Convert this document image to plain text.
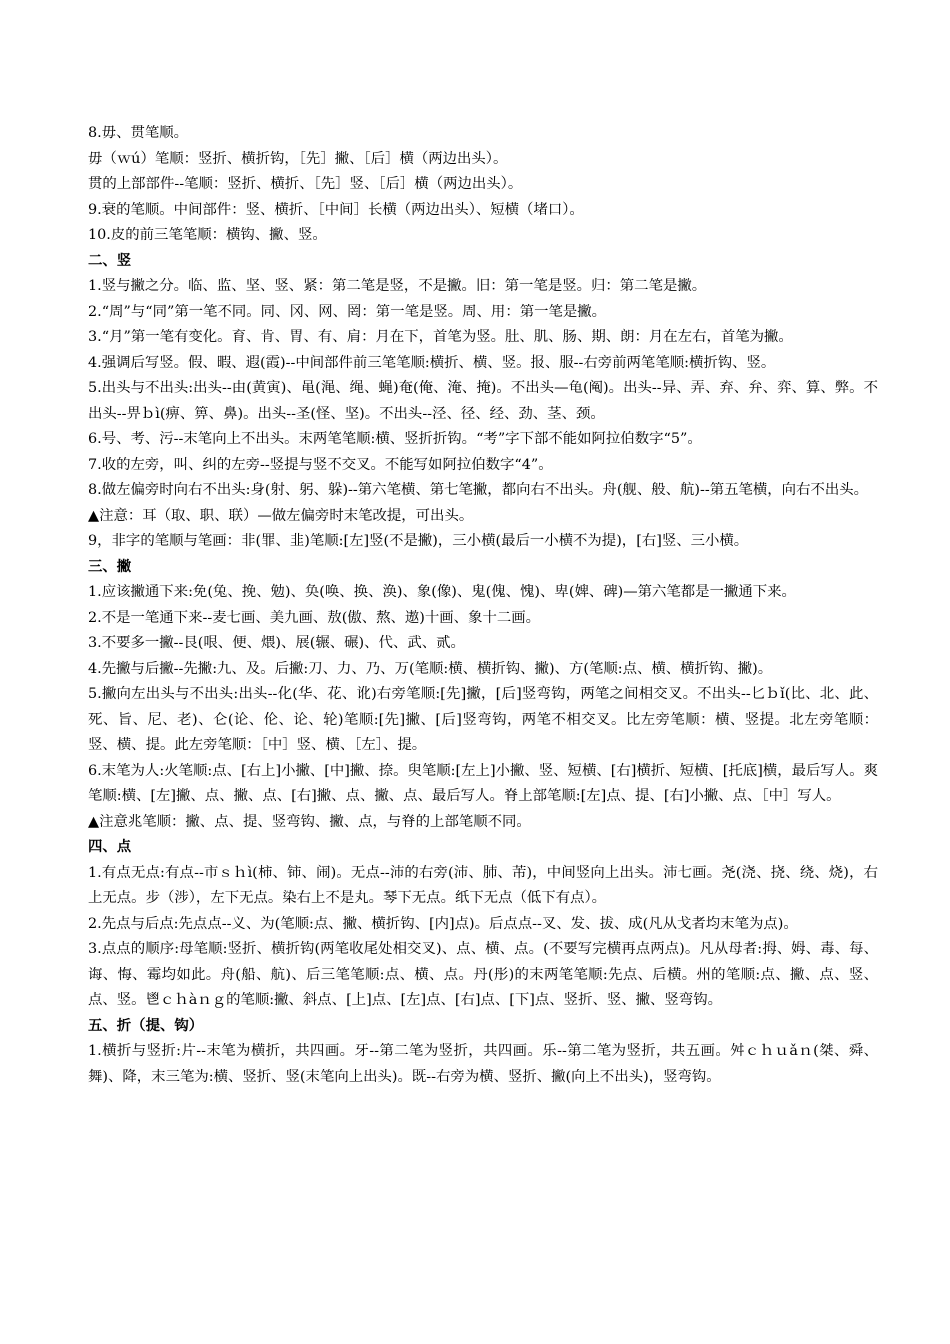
8.毋、贯笔顺。
毋（ｗú）笔顺：竖折、横折钩，［先］撇、［后］横（两边出头）。
贯的上部部件--笔顺：竖折、横折、［先］竖、［后］横（两边出头）。
9.衰的笔顺。中间部件：竖、横折、［中间］长横（两边出头）、短横（堵口）。
10.皮的前三笔笔顺：横钩、撇、竖。
二、竖
1.竖与撇之分。临、监、坚、竖、紧：第二笔是竖，不是撇。旧：第一笔是竖。归：第二笔是撇。
2.“周”与“同”第一笔不同。同、冈、网、罔：第一笔是竖。周、用：第一笔是撇。
3.“月”第一笔有变化。育、肯、胃、有、肩：月在下，首笔为竖。肚、肌、肠、期、朗：月在左右，首笔为撇。
4.强调后写竖。假、暇、遐(霞)--中间部件前三笔笔顺:横折、横、竖。报、服--右旁前两笔笔顺:横折钩、竖。
5.出头与不出头:出头--由(黄寅)、黾(渑、绳、蝇)奄(俺、淹、掩)。不出头—龟(阄)。出头--异、弄、弃、弁、弈、算、弊。不出头--畀ｂì(痹、箅、鼻)。出头--圣(怪、坚)。不出头--泾、径、经、劲、茎、颈。
6.号、考、污--末笔向上不出头。末两笔笔顺:横、竖折折钩。“考”字下部不能如阿拉伯数字“5”。
7.收的左旁，叫、纠的左旁--竖提与竖不交叉。不能写如阿拉伯数字“4”。
8.做左偏旁时向右不出头:身(射、躬、躲)--第六笔横、第七笔撇，都向右不出头。舟(舰、般、航)--第五笔横，向右不出头。
▲注意：耳（取、职、联）—做左偏旁时末笔改提，可出头。
9，非字的笔顺与笔画：非(罪、韭)笔顺:[左]竖(不是撇)，三小横(最后一小横不为提)，[右]竖、三小横。
三、撇
1.应该撇通下来:免(兔、挽、勉)、奂(唤、换、涣)、象(像)、鬼(傀、愧)、卑(婢、碑)—第六笔都是一撇通下来。
2.不是一笔通下来--麦七画、美九画、敖(傲、熬、遨)十画、象十二画。
3.不要多一撇--艮(哏、便、煨)、展(辗、碾)、代、武、贰。
4.先撇与后撇--先撇:九、及。后撇:刀、力、乃、万(笔顺:横、横折钩、撇)、方(笔顺:点、横、横折钩、撇)。
5.撇向左出头与不出头:出头--化(华、花、讹)右旁笔顺:[先]撇，[后]竖弯钩，两笔之间相交叉。不出头--匕ｂǐ(比、北、此、死、旨、尼、老)、仑(论、伦、论、轮)笔顺:[先]撇、[后]竖弯钩，两笔不相交叉。比左旁笔顺：横、竖提。北左旁笔顺：竖、横、提。此左旁笔顺：［中］竖、横、［左］、提。
6.末笔为人:火笔顺:点、[右上]小撇、[中]撇、捺。臾笔顺:[左上]小撇、竖、短横、[右]横折、短横、[托底]横，最后写人。爽笔顺:横、[左]撇、点、撇、点、[右]撇、点、撇、点、最后写人。脊上部笔顺:[左]点、提、[右]小撇、点、［中］写人。
▲注意兆笔顺：撇、点、提、竖弯钩、撇、点，与脊的上部笔顺不同。
四、点
1.有点无点:有点--市ｓｈì(柿、铈、闹)。无点--沛的右旁(沛、肺、芾)，中间竖向上出头。沛七画。尧(浇、挠、绕、烧)，右上无点。步（涉），左下无点。染右上不是丸。琴下无点。纸下无点（低下有点）。
2.先点与后点:先点点--义、为(笔顺:点、撇、横折钩、[内]点)。后点点--叉、发、拔、成(凡从戈者均末笔为点)。
3.点点的顺序:母笔顺:竖折、横折钩(两笔收尾处相交叉)、点、横、点。(不要写完横再点两点)。凡从母者:拇、姆、毒、每、诲、悔、霉均如此。舟(船、航)、后三笔笔顺:点、横、点。丹(彤)的末两笔笔顺:先点、后横。州的笔顺:点、撇、点、竖、点、竖。鬯ｃｈàｎｇ的笔顺:撇、斜点、[上]点、[左]点、[右]点、[下]点、竖折、竖、撇、竖弯钩。
五、折（提、钩）
1.横折与竖折:片--末笔为横折，共四画。牙--第二笔为竖折，共四画。乐--第二笔为竖折，共五画。舛ｃｈｕǎｎ(桀、舜、舞)、降，末三笔为:横、竖折、竖(末笔向上出头)。既--右旁为横、竖折、撇(向上不出头)，竖弯钩。
